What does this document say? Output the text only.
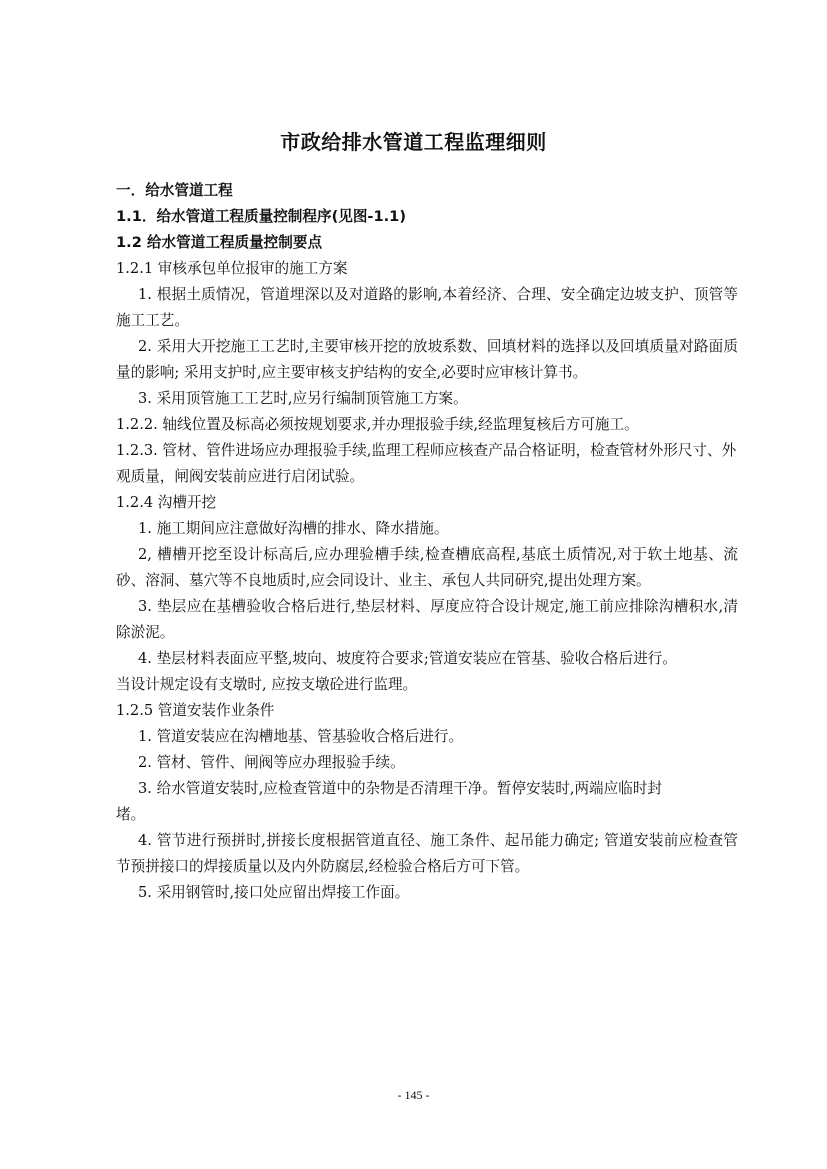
市政给排水管道工程监理细则

一．给水管道工程

1.1．给水管道工程质量控制程序(见图-1.1)

1.2 给水管道工程质量控制要点

1.2.1 审核承包单位报审的施工方案

1. 根据土质情况，管道埋深以及对道路的影响,本着经济、合理、安全确定边坡支护、顶管等施工工艺。

2. 采用大开挖施工工艺时,主要审核开挖的放坡系数、回填材料的选择以及回填质量对路面质量的影响; 采用支护时,应主要审核支护结构的安全,必要时应审核计算书。

3. 采用顶管施工工艺时,应另行编制顶管施工方案。

1.2.2. 轴线位置及标高必须按规划要求,并办理报验手续,经监理复核后方可施工。

1.2.3. 管材、管件进场应办理报验手续,监理工程师应核查产品合格证明，检查管材外形尺寸、外观质量，闸阀安装前应进行启闭试验。

1.2.4 沟槽开挖

1. 施工期间应注意做好沟槽的排水、降水措施。

2, 槽槽开挖至设计标高后,应办理验槽手续,检查槽底高程,基底土质情况,对于软土地基、流砂、溶洞、墓穴等不良地质时,应会同设计、业主、承包人共同研究,提出处理方案。

3. 垫层应在基槽验收合格后进行,垫层材料、厚度应符合设计规定,施工前应排除沟槽积水,清除淤泥。

4. 垫层材料表面应平整,坡向、坡度符合要求;管道安装应在管基、验收合格后进行。

当设计规定设有支墩时, 应按支墩砼进行监理。

1.2.5 管道安装作业条件

1. 管道安装应在沟槽地基、管基验收合格后进行。

2. 管材、管件、闸阀等应办理报验手续。

3. 给水管道安装时,应检查管道中的杂物是否清理干净。暂停安装时,两端应临时封

堵。

4. 管节进行预拼时,拼接长度根据管道直径、施工条件、起吊能力确定; 管道安装前应检查管节预拼接口的焊接质量以及内外防腐层,经检验合格后方可下管。

5. 采用钢管时,接口处应留出焊接工作面。

- 145 -
